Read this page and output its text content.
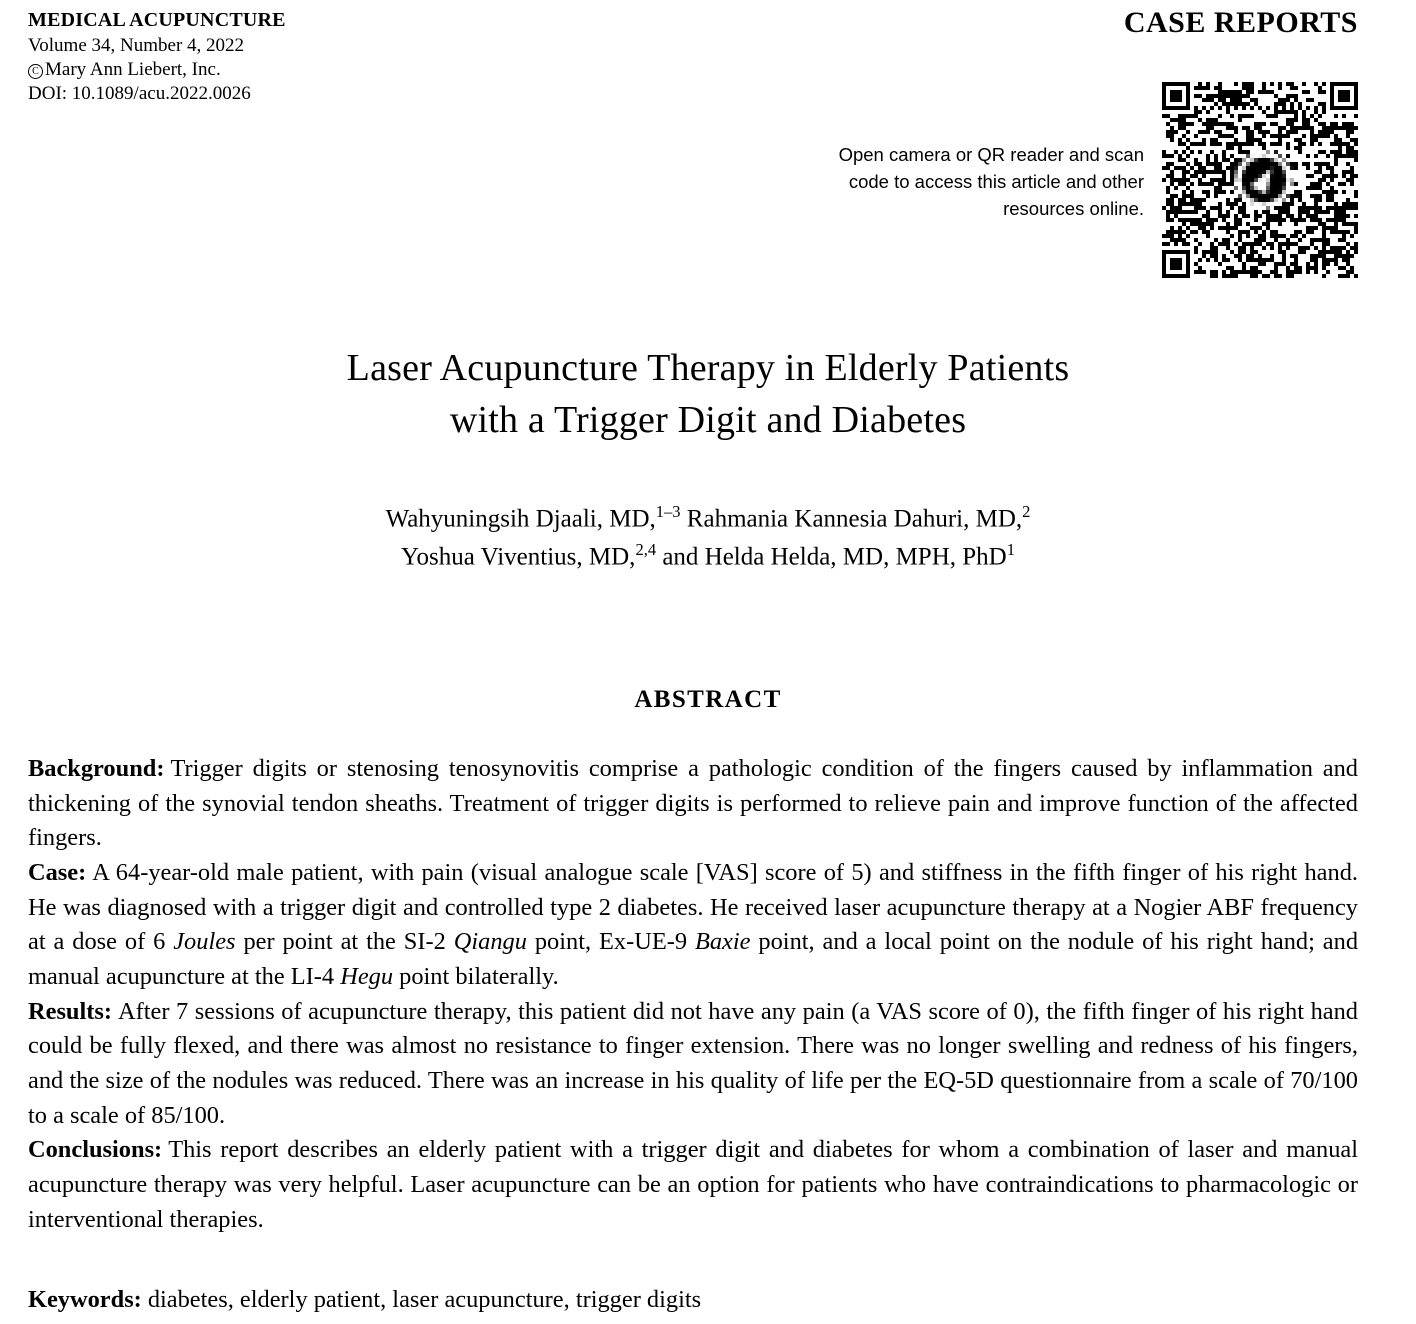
MEDICAL ACUPUNCTURE
Volume 34, Number 4, 2022
C Mary Ann Liebert, Inc.
DOI: 10.1089/acu.2022.0026
CASE REPORTS
Open camera or QR reader and scan code to access this article and other resources online.
Laser Acupuncture Therapy in Elderly Patients
with a Trigger Digit and Diabetes
Wahyuningsih Djaali, MD,$^{1-3}$ Rahmania Kannesia Dahuri, MD,$^2$
Yoshua Viventius, MD,$^{2,4}$ and Helda Helda, MD, MPH, PhD$^1$
ABSTRACT

Background: Trigger digits or stenosing tenosynovitis comprise a pathologic condition of the fingers caused by inflammation and thickening of the synovial tendon sheaths. Treatment of trigger digits is performed to relieve pain and improve function of the affected fingers.

Case: A 64-year-old male patient, with pain (visual analogue scale [VAS] score of 5) and stiffness in the fifth finger of his right hand. He was diagnosed with a trigger digit and controlled type 2 diabetes. He received laser acupuncture therapy at a Nogier ABF frequency at a dose of 6 Joules per point at the SI-2 Qiangu point, Ex-UE-9 Baxie point, and a local point on the nodule of his right hand; and manual acupuncture at the LI-4 Hegu point bilaterally.

Results: After 7 sessions of acupuncture therapy, this patient did not have any pain (a VAS score of 0), the fifth finger of his right hand could be fully flexed, and there was almost no resistance to finger extension. There was no longer swelling and redness of his fingers, and the size of the nodules was reduced. There was an increase in his quality of life per the EQ-5D questionnaire from a scale of 70/100 to a scale of 85/100.

Conclusions: This report describes an elderly patient with a trigger digit and diabetes for whom a combination of laser and manual acupuncture therapy was very helpful. Laser acupuncture can be an option for patients who have contraindications to pharmacologic or interventional therapies.

Keywords: diabetes, elderly patient, laser acupuncture, trigger digits
